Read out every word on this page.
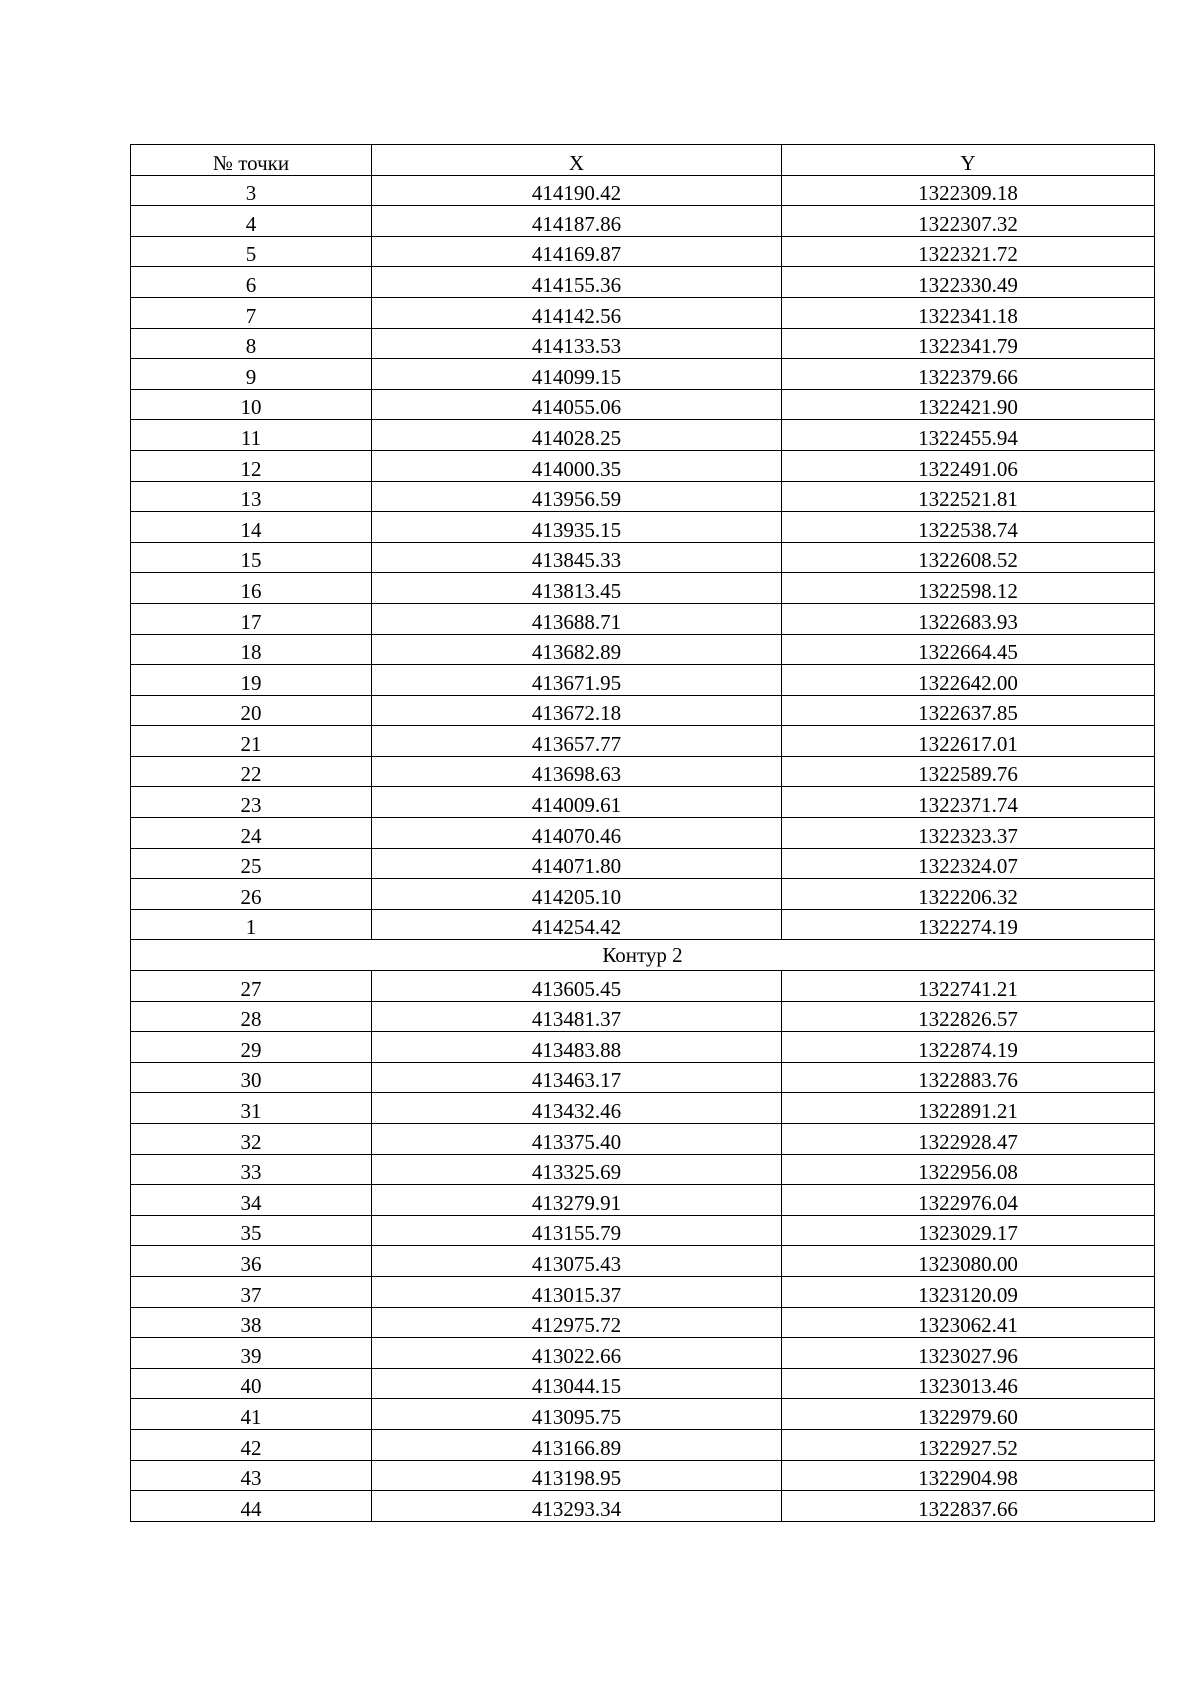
№ точки	X	Y
3	414190.42	1322309.18
4	414187.86	1322307.32
5	414169.87	1322321.72
6	414155.36	1322330.49
7	414142.56	1322341.18
8	414133.53	1322341.79
9	414099.15	1322379.66
10	414055.06	1322421.90
11	414028.25	1322455.94
12	414000.35	1322491.06
13	413956.59	1322521.81
14	413935.15	1322538.74
15	413845.33	1322608.52
16	413813.45	1322598.12
17	413688.71	1322683.93
18	413682.89	1322664.45
19	413671.95	1322642.00
20	413672.18	1322637.85
21	413657.77	1322617.01
22	413698.63	1322589.76
23	414009.61	1322371.74
24	414070.46	1322323.37
25	414071.80	1322324.07
26	414205.10	1322206.32
1	414254.42	1322274.19
Контур 2		
27	413605.45	1322741.21
28	413481.37	1322826.57
29	413483.88	1322874.19
30	413463.17	1322883.76
31	413432.46	1322891.21
32	413375.40	1322928.47
33	413325.69	1322956.08
34	413279.91	1322976.04
35	413155.79	1323029.17
36	413075.43	1323080.00
37	413015.37	1323120.09
38	412975.72	1323062.41
39	413022.66	1323027.96
40	413044.15	1323013.46
41	413095.75	1322979.60
42	413166.89	1322927.52
43	413198.95	1322904.98
44	413293.34	1322837.66
